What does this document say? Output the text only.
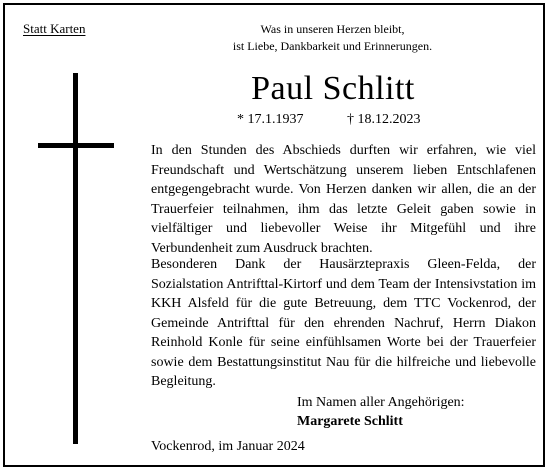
Statt Karten	Was in unseren Herzen bleibt,
ist Liebe, Dankbarkeit und Erinnerungen.
Paul Schlitt
* 17.1.1937	† 18.12.2023

In den Stunden des Abschieds durften wir erfahren, wie viel Freundschaft und Wertschätzung unserem lieben Entschlafenen entgegengebracht wurde. Von Herzen danken wir allen, die an der Trauerfeier teilnahmen, ihm das letzte Geleit gaben sowie in vielfältiger und liebevoller Weise ihr Mitgefühl und ihre Verbundenheit zum Ausdruck brachten.

Besonderen Dank der Hausärztepraxis Gleen-Felda, der Sozialstation Antrifttal-Kirtorf und dem Team der Intensivstation im KKH Alsfeld für die gute Betreuung, dem TTC Vockenrod, der Gemeinde Antrifttal für den ehrenden Nachruf, Herrn Diakon Reinhold Konle für seine einfühlsamen Worte bei der Trauerfeier sowie dem Bestattungsinstitut Nau für die hilfreiche und liebevolle Begleitung.

Im Namen aller Angehörigen:
Margarete Schlitt
Vockenrod, im Januar 2024
